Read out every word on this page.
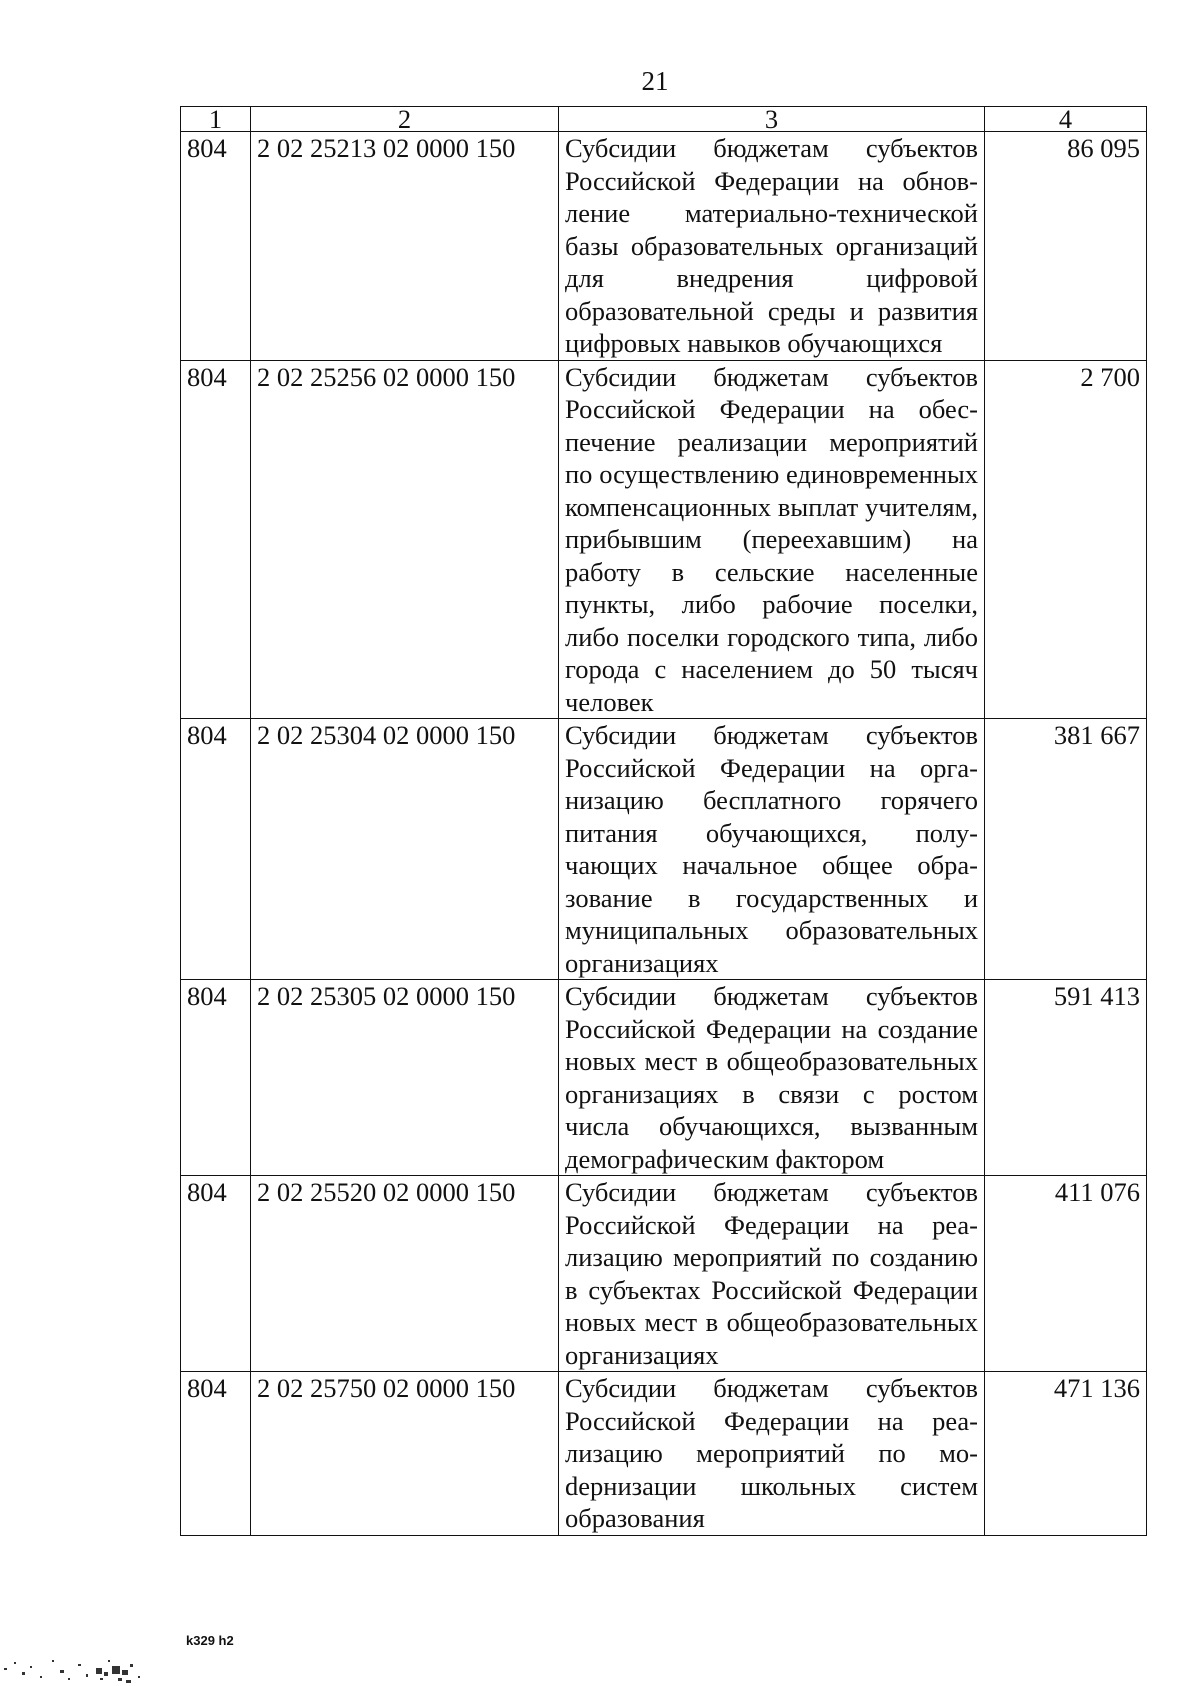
21
1	2	3	4
804	2 02 25213 02 0000 150	Субсидии бюджетам субъектов Российской Федерации на обновление материально-технической базы образовательных организаций для внедрения цифровой образовательной среды и развития цифровых навыков обучающихся	86 095
804	2 02 25256 02 0000 150	Субсидии бюджетам субъектов Российской Федерации на обеспечение реализации мероприятий по осуществлению единовременных компенсационных выплат учителям, прибывшим (переехавшим) на работу в сельские населенные пункты, либо рабочие поселки, либо поселки городского типа, либо города с населением до 50 тысяч человек	2 700
804	2 02 25304 02 0000 150	Субсидии бюджетам субъектов Российской Федерации на организацию бесплатного горячего питания обучающихся, получающих начальное общее образование в государственных и муниципальных образовательных организациях	381 667
804	2 02 25305 02 0000 150	Субсидии бюджетам субъектов Российской Федерации на создание новых мест в общеобразовательных организациях в связи с ростом числа обучающихся, вызванным демографическим фактором	591 413
804	2 02 25520 02 0000 150	Субсидии бюджетам субъектов Российской Федерации на реализацию мероприятий по созданию в субъектах Российской Федерации новых мест в общеобразовательных организациях	411 076
804	2 02 25750 02 0000 150	Субсидии бюджетам субъектов Российской Федерации на реализацию мероприятий по моdернизации школьных систем образования	471 136
k329 h2
